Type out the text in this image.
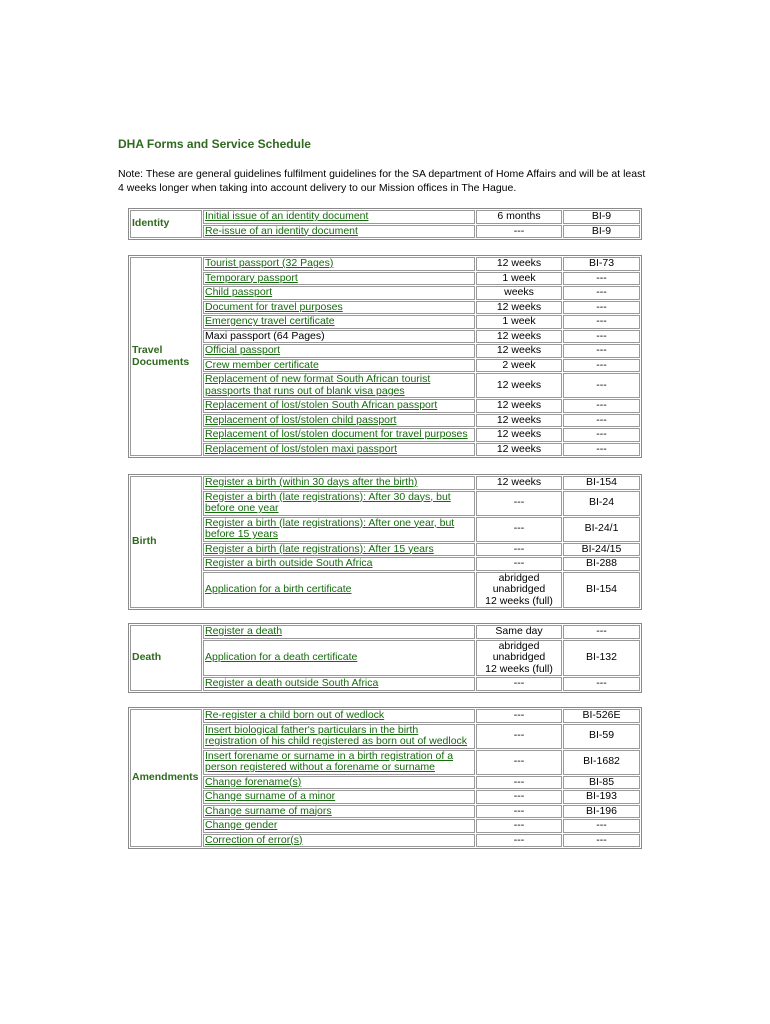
DHA Forms and Service Schedule
Note: These are general guidelines fulfilment guidelines for the SA department of Home Affairs and will be at least 4 weeks longer when taking into account delivery to our Mission offices in The Hague.
Identity	Initial issue of an identity document	6 months	BI-9
	Re-issue of an identity document	---	BI-9
Travel Documents	Tourist passport (32 Pages)	12 weeks	BI-73
	Temporary passport	1 week	---
	Child passport	weeks	---
	Document for travel purposes	12 weeks	---
	Emergency travel certificate	1 week	---
	Maxi passport (64 Pages)	12 weeks	---
	Official passport	12 weeks	---
	Crew member certificate	2 week	---
	Replacement of new format South African tourist passports that runs out of blank visa pages	12 weeks	---
	Replacement of lost/stolen South African passport	12 weeks	---
	Replacement of lost/stolen child passport	12 weeks	---
	Replacement of lost/stolen document for travel purposes	12 weeks	---
	Replacement of lost/stolen maxi passport	12 weeks	---
Birth	Register a birth (within 30 days after the birth)	12 weeks	BI-154
	Register a birth (late registrations): After 30 days, but before one year	---	BI-24
	Register a birth (late registrations): After one year, but before 15 years	---	BI-24/1
	Register a birth (late registrations): After 15 years	---	BI-24/15
	Register a birth outside South Africa	---	BI-288
	Application for a birth certificate	abridged
unabridged
12 weeks (full)	BI-154
Death	Register a death	Same day	---
	Application for a death certificate	abridged
unabridged
12 weeks (full)	BI-132
	Register a death outside South Africa	---	---
Amendments	Re-register a child born out of wedlock	---	BI-526E
	Insert biological father's particulars in the birth registration of his child registered as born out of wedlock	---	BI-59
	Insert forename or surname in a birth registration of a person registered without a forename or surname	---	BI-1682
	Change forename(s)	---	BI-85
	Change surname of a minor	---	BI-193
	Change surname of majors	---	BI-196
	Change gender	---	---
	Correction of error(s)	---	---
